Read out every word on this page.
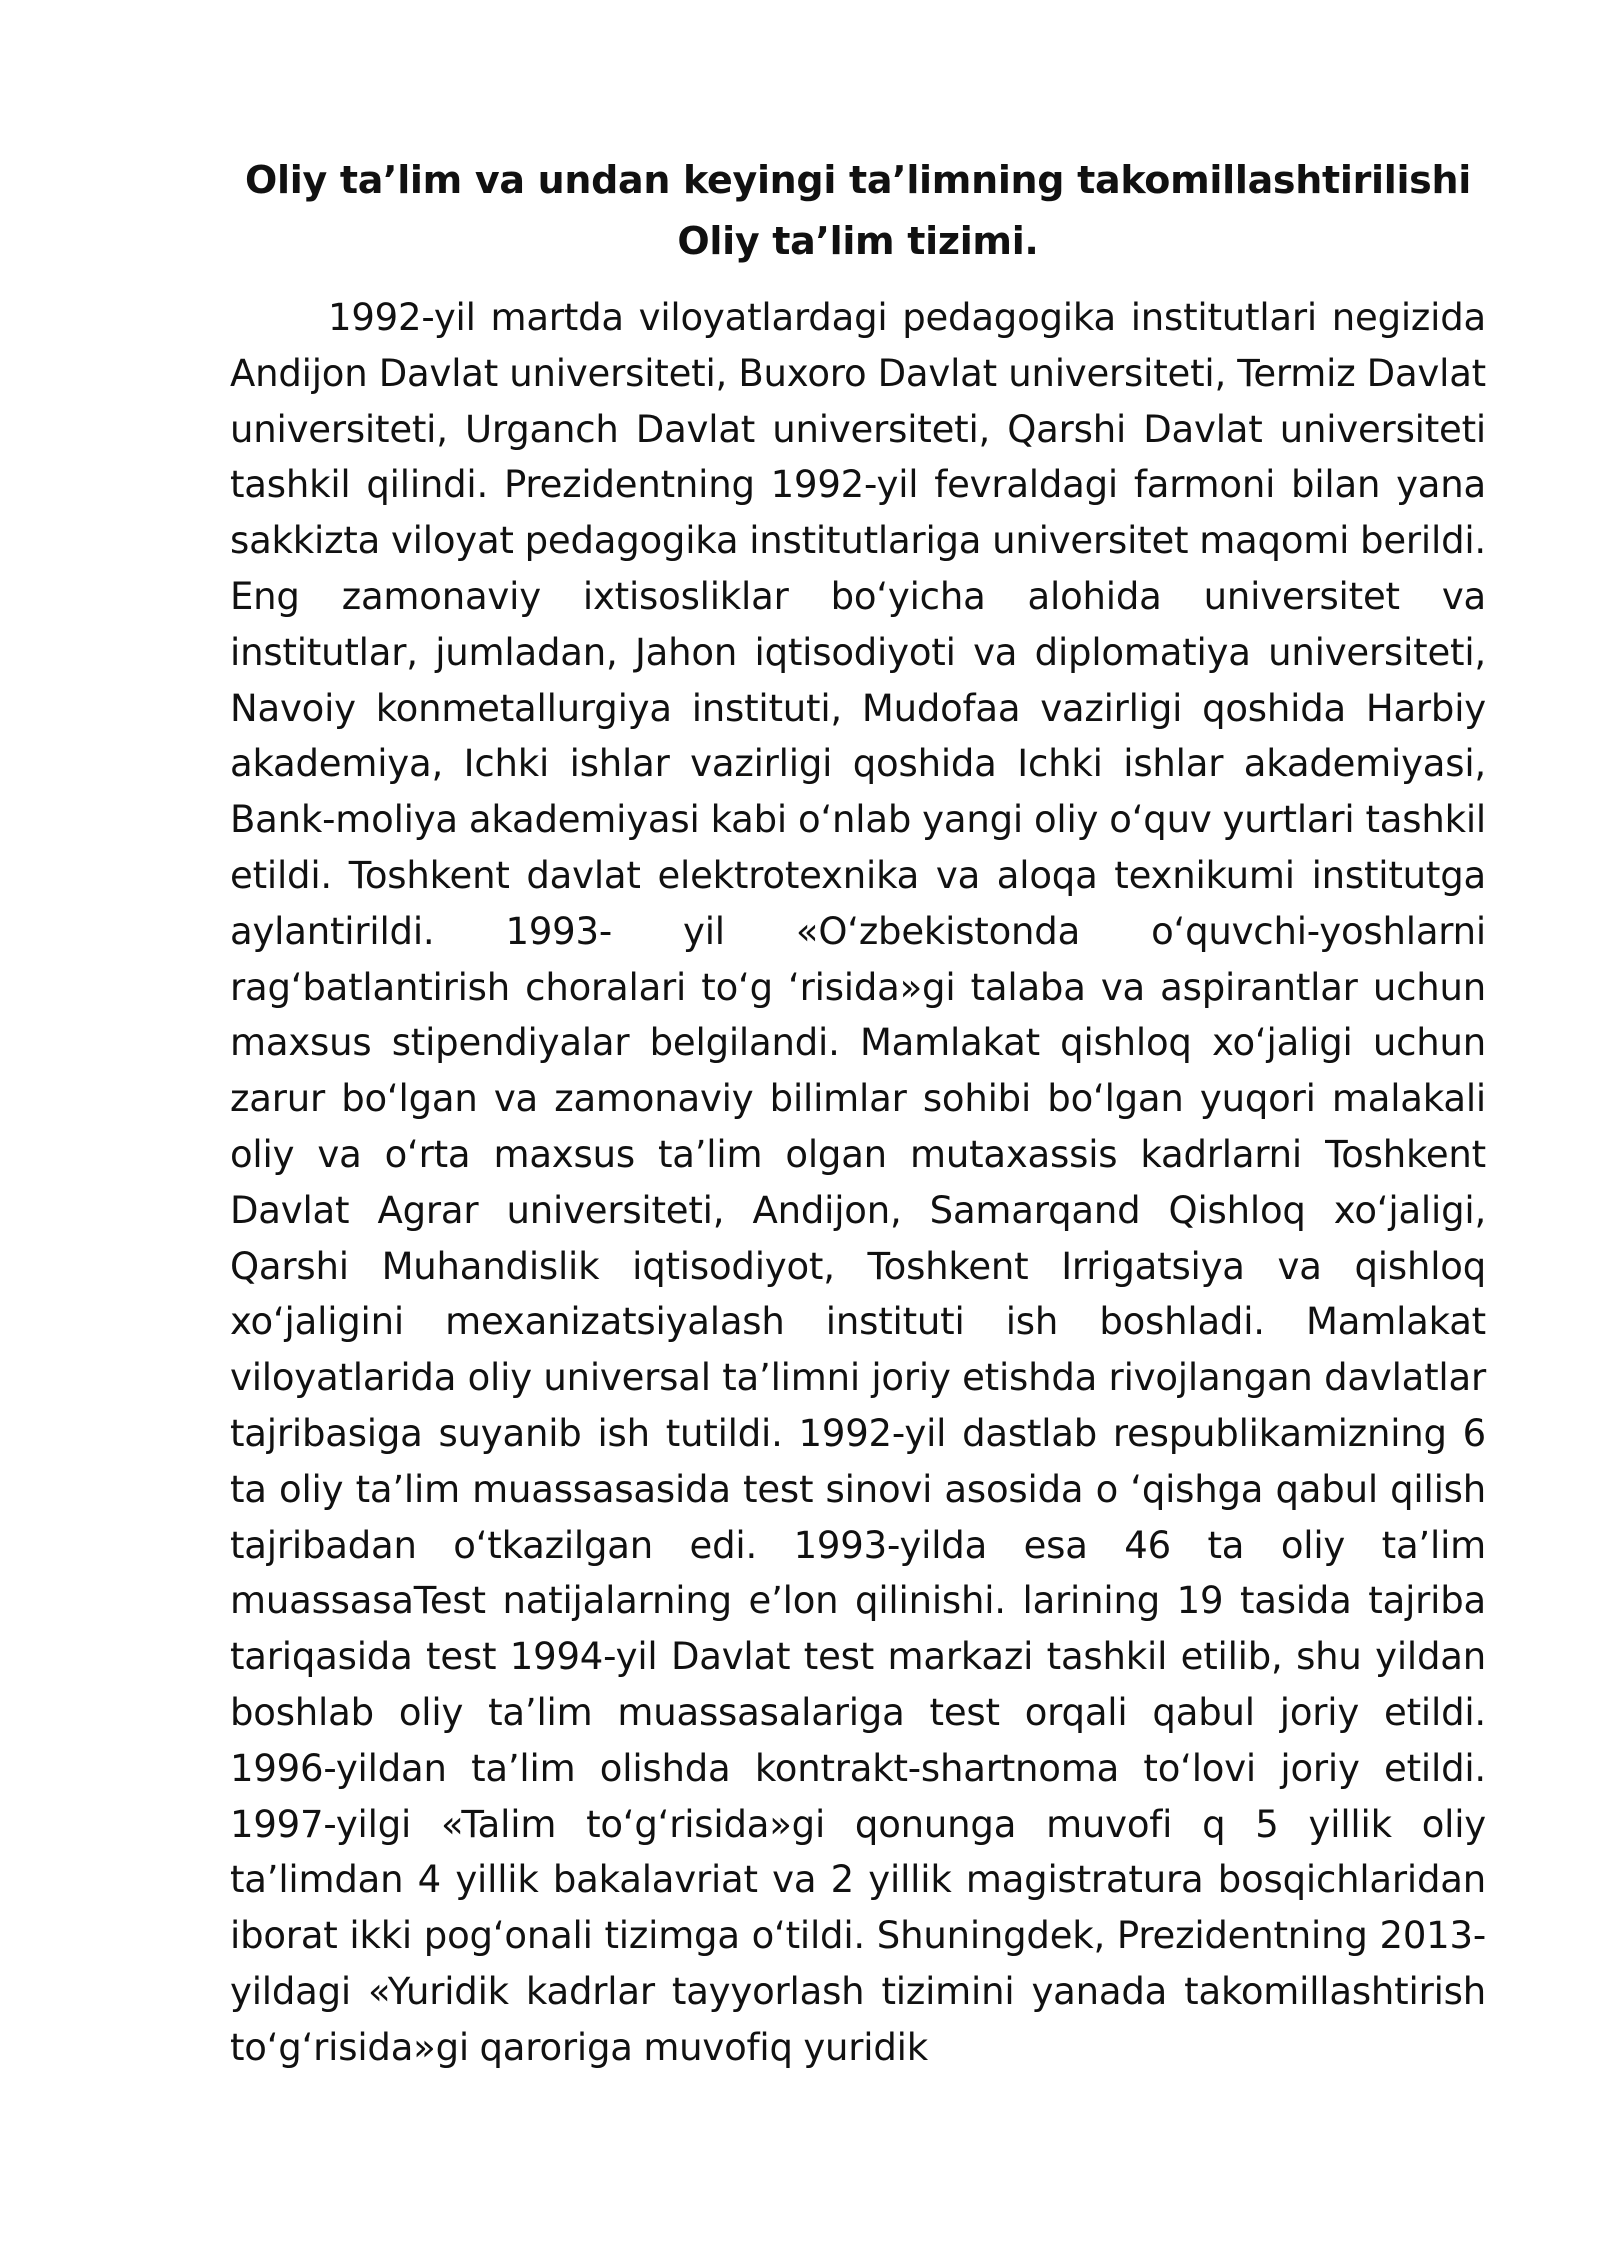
Oliy ta’lim va undan keyingi ta’limning takomillashtirilishi Oliy ta’lim tizimi.

1992-yil martda viloyatlardagi pedagogika institutlari negizida Andijon Davlat universiteti, Buxoro Davlat universiteti, Termiz Davlat universiteti, Urganch Davlat universiteti, Qarshi Davlat universiteti tashkil qilindi. Prezidentning 1992-yil fevraldagi farmoni bilan yana sakkizta viloyat pedagogika institutlariga universitet maqomi berildi. Eng zamonaviy ixtisosliklar bo‘yicha alohida universitet va institutlar, jumladan, Jahon iqtisodiyoti va diplomatiya universiteti, Navoiy konmetallurgiya instituti, Mudofaa vazirligi qoshida Harbiy akademiya, Ichki ishlar vazirligi qoshida Ichki ishlar akademiyasi, Bank-moliya akademiyasi kabi o‘nlab yangi oliy o‘quv yurtlari tashkil etildi. Toshkent davlat elektrotexnika va aloqa texnikumi institutga aylantirildi. 1993- yil «O‘zbekistonda o‘quvchi-yoshlarni rag‘batlantirish choralari to‘g ‘risida»gi talaba va aspirantlar uchun maxsus stipendiyalar belgilandi. Mamlakat qishloq xo‘jaligi uchun zarur bo‘lgan va zamonaviy bilimlar sohibi bo‘lgan yuqori malakali oliy va o‘rta maxsus ta’lim olgan mutaxassis kadrlarni Toshkent Davlat Agrar universiteti, Andijon, Samarqand Qishloq xo‘jaligi, Qarshi Muhandislik iqtisodiyot, Toshkent Irrigatsiya va qishloq xo‘jaligini mexanizatsiyalash instituti ish boshladi. Mamlakat viloyatlarida oliy universal ta’limni joriy etishda rivojlangan davlatlar tajribasiga suyanib ish tutildi. 1992-yil dastlab respublikamizning 6 ta oliy ta’lim muassasasida test sinovi asosida o ‘qishga qabul qilish tajribadan o‘tkazilgan edi. 1993-yilda esa 46 ta oliy ta’lim muassasaTest natijalarning e’lon qilinishi. larining 19 tasida tajriba tariqasida test 1994-yil Davlat test markazi tashkil etilib, shu yildan boshlab oliy ta’lim muassasalariga test orqali qabul joriy etildi. 1996-yildan ta’lim olishda kontrakt-shartnoma to‘lovi joriy etildi. 1997-yilgi «Talim to‘g‘risida»gi qonunga muvofi q 5 yillik oliy ta’limdan 4 yillik bakalavriat va 2 yillik magistratura bosqichlaridan iborat ikki pog‘onali tizimga o‘tildi. Shuningdek, Prezidentning 2013-yildagi «Yuridik kadrlar tayyorlash tizimini yanada takomillashtirish to‘g‘risida»gi qaroriga muvofiq yuridik
